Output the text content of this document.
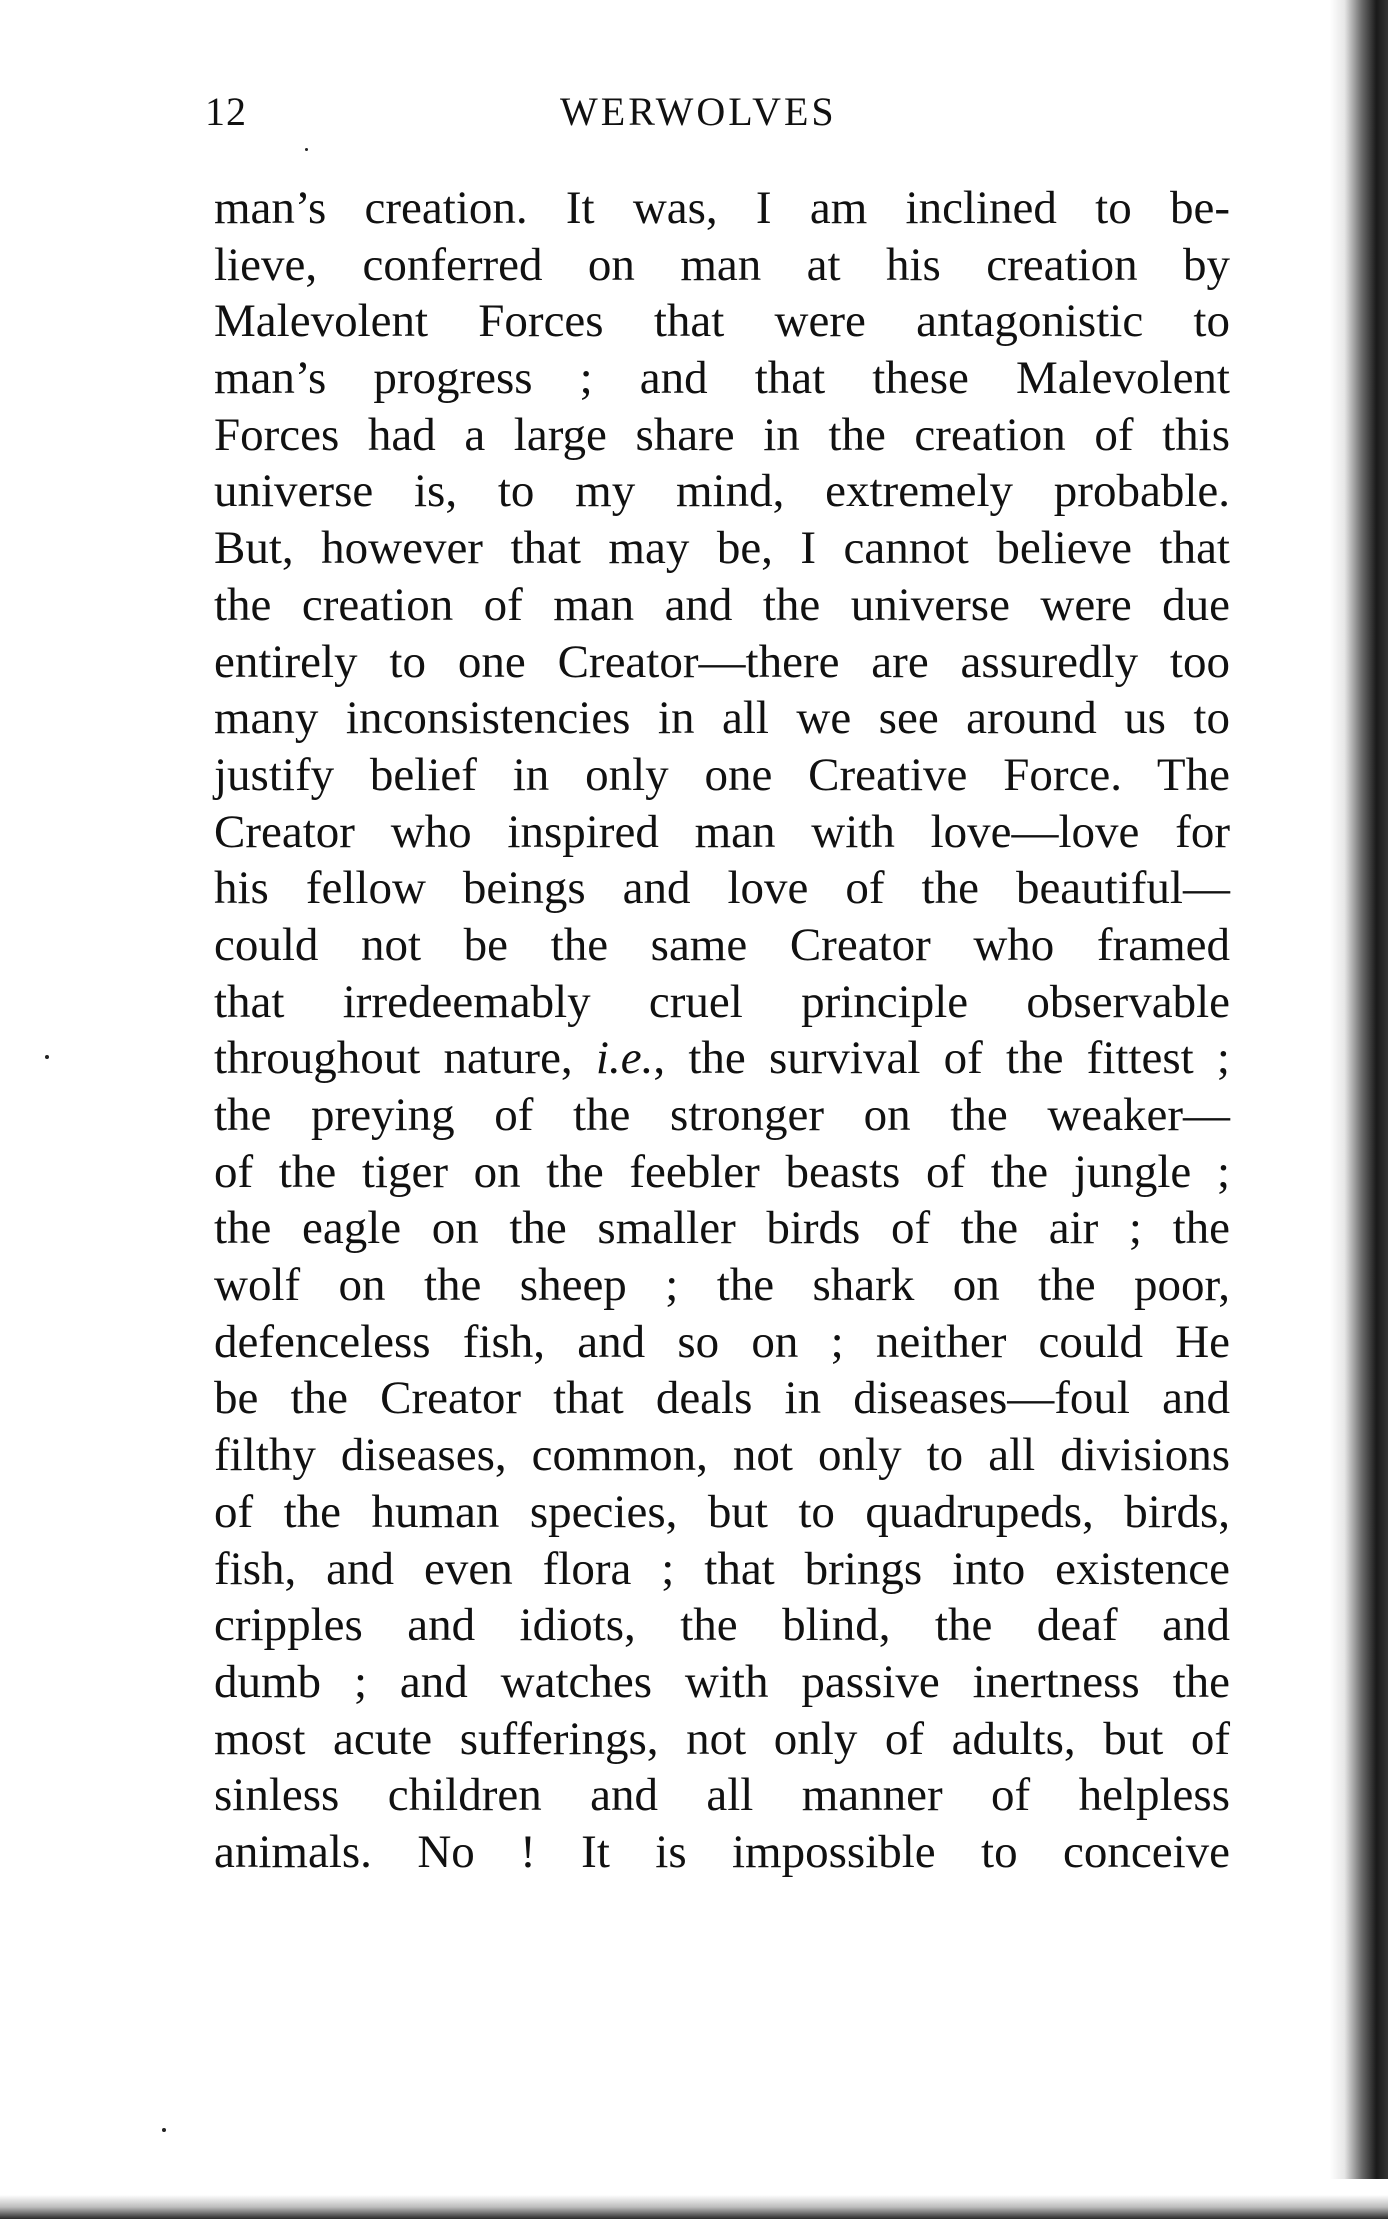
12	WERWOLVES
man’s creation. It was, I am inclined to be-
lieve, conferred on man at his creation by
Malevolent Forces that were antagonistic to
man’s progress ; and that these Malevolent
Forces had a large share in the creation of this
universe is, to my mind, extremely probable.
But, however that may be, I cannot believe that
the creation of man and the universe were due
entirely to one Creator—there are assuredly too
many inconsistencies in all we see around us to
justify belief in only one Creative Force. The
Creator who inspired man with love—love for
his fellow beings and love of the beautiful—
could not be the same Creator who framed
that irredeemably cruel principle observable
throughout nature, i.e., the survival of the fittest ;
the preying of the stronger on the weaker—
of the tiger on the feebler beasts of the jungle ;
the eagle on the smaller birds of the air ; the
wolf on the sheep ; the shark on the poor,
defenceless fish, and so on ; neither could He
be the Creator that deals in diseases—foul and
filthy diseases, common, not only to all divisions
of the human species, but to quadrupeds, birds,
fish, and even flora ; that brings into existence
cripples and idiots, the blind, the deaf and
dumb ; and watches with passive inertness the
most acute sufferings, not only of adults, but of
sinless children and all manner of helpless
animals. No ! It is impossible to conceive
